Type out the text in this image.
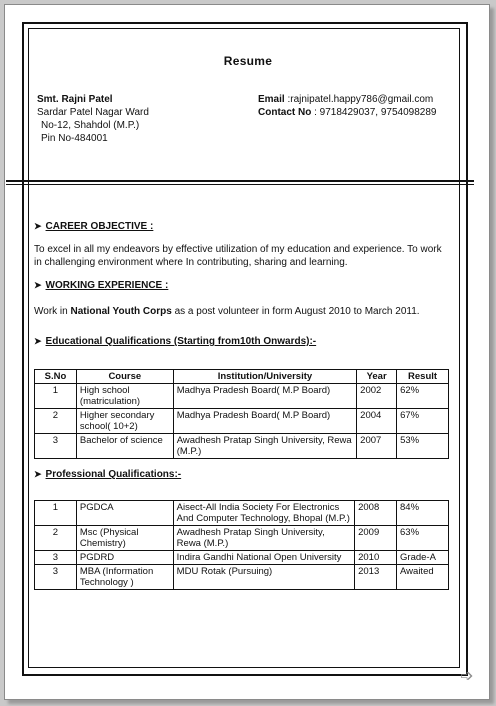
Resume
Smt. Rajni Patel
Sardar Patel Nagar Ward
No-12, Shahdol (M.P.)
Pin No-484001
Email :rajnipatel.happy786@gmail.com
Contact No : 9718429037, 9754098289
➤ CAREER OBJECTIVE :
To excel in all my endeavors by effective utilization of my education and experience. To work in challenging environment where In contributing, sharing and learning.
➤ WORKING EXPERIENCE :
Work in National Youth Corps as a post volunteer in form August 2010 to March 2011.
➤ Educational Qualifications (Starting from10th Onwards):-
S.No	Course	Institution/University	Year	Result
1	High school (matriculation)	Madhya Pradesh Board( M.P Board)	2002	62%
2	Higher secondary school( 10+2)	Madhya Pradesh Board( M.P Board)	2004	67%
3	Bachelor of science	Awadhesh Pratap Singh University, Rewa (M.P.)	2007	53%
➤ Professional Qualifications:-
1	PGDCA	Aisect-All India Society For Electronics And Computer Technology, Bhopal (M.P.)	2008	84%
2	Msc (Physical Chemistry)	Awadhesh Pratap Singh University, Rewa (M.P.)	2009	63%
3	PGDRD	Indira Gandhi National Open University	2010	Grade-A
3	MBA (Information Technology )	MDU Rotak (Pursuing)	2013	Awaited
➩
